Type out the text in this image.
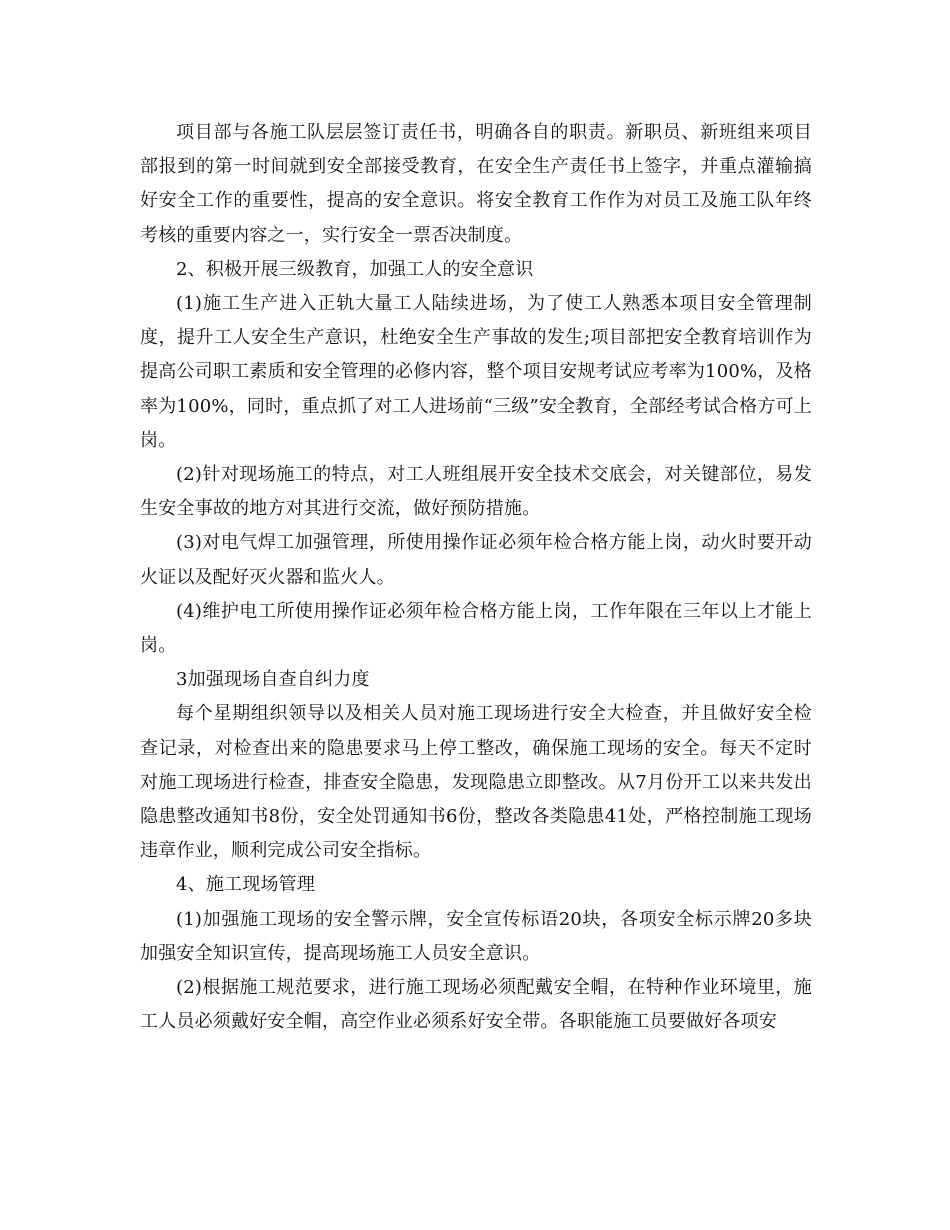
项目部与各施工队层层签订责任书，明确各自的职责。新职员、新班组来项目部报到的第一时间就到安全部接受教育，在安全生产责任书上签字，并重点灌输搞好安全工作的重要性，提高的安全意识。将安全教育工作作为对员工及施工队年终考核的重要内容之一，实行安全一票否决制度。

2、积极开展三级教育，加强工人的安全意识

(1)施工生产进入正轨大量工人陆续进场，为了使工人熟悉本项目安全管理制度，提升工人安全生产意识，杜绝安全生产事故的发生;项目部把安全教育培训作为提高公司职工素质和安全管理的必修内容，整个项目安规考试应考率为100%，及格率为100%，同时，重点抓了对工人进场前“三级”安全教育，全部经考试合格方可上岗。

(2)针对现场施工的特点，对工人班组展开安全技术交底会，对关键部位，易发生安全事故的地方对其进行交流，做好预防措施。

(3)对电气焊工加强管理，所使用操作证必须年检合格方能上岗，动火时要开动火证以及配好灭火器和监火人。

(4)维护电工所使用操作证必须年检合格方能上岗，工作年限在三年以上才能上岗。

3加强现场自查自纠力度

每个星期组织领导以及相关人员对施工现场进行安全大检查，并且做好安全检查记录，对检查出来的隐患要求马上停工整改，确保施工现场的安全。每天不定时对施工现场进行检查，排查安全隐患，发现隐患立即整改。从7月份开工以来共发出隐患整改通知书8份，安全处罚通知书6份，整改各类隐患41处，严格控制施工现场违章作业，顺利完成公司安全指标。

4、施工现场管理

(1)加强施工现场的安全警示牌，安全宣传标语20块，各项安全标示牌20多块加强安全知识宣传，提高现场施工人员安全意识。

(2)根据施工规范要求，进行施工现场必须配戴安全帽，在特种作业环境里，施工人员必须戴好安全帽，高空作业必须系好安全带。各职能施工员要做好各项安
